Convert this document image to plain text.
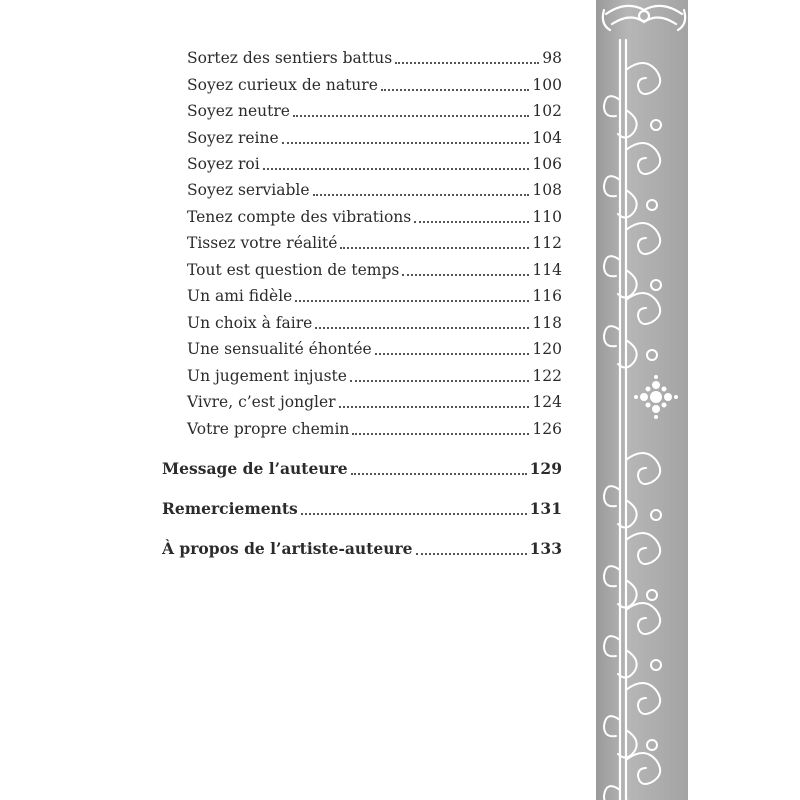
Sortez des sentiers battus	98
Soyez curieux de nature	100
Soyez neutre	102
Soyez reine	104
Soyez roi	106
Soyez serviable	108
Tenez compte des vibrations	110
Tissez votre réalité	112
Tout est question de temps	114
Un ami fidèle	116
Un choix à faire	118
Une sensualité éhontée	120
Un jugement injuste	122
Vivre, c’est jongler	124
Votre propre chemin	126
Message de l’auteure	129
Remerciements	131
À propos de l’artiste-auteure	133
